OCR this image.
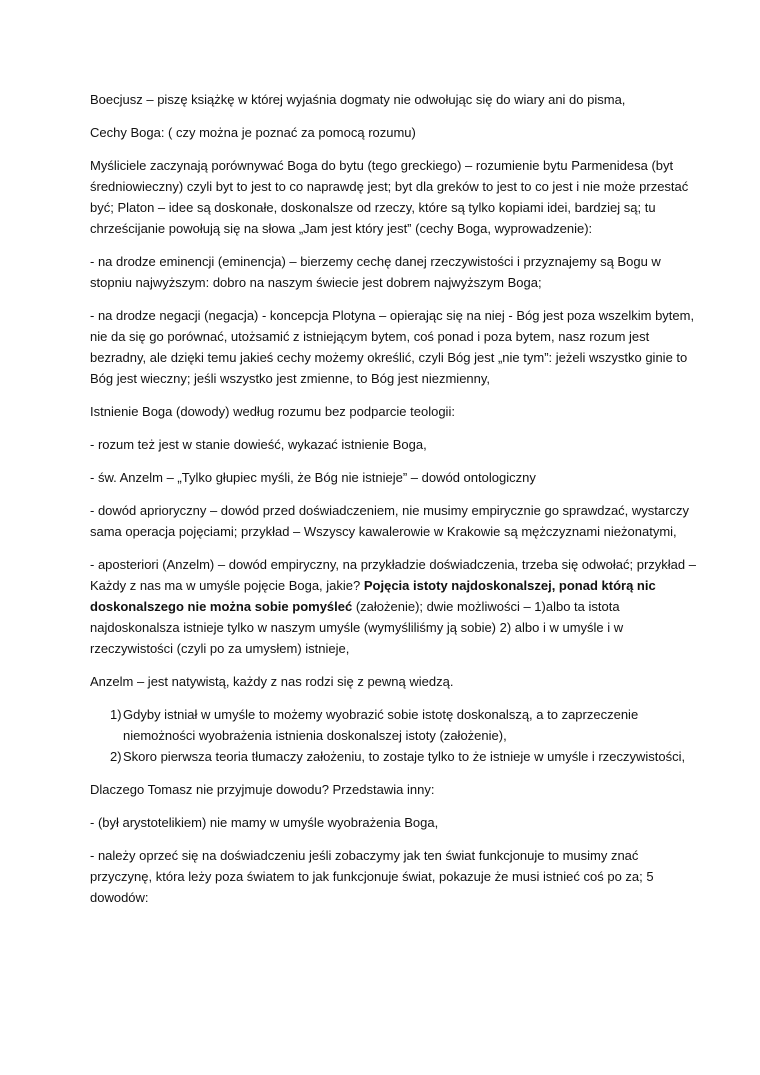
Boecjusz – piszę książkę w której wyjaśnia dogmaty nie odwołując się do wiary ani do pisma,

Cechy Boga: ( czy można je poznać za pomocą rozumu)

Myśliciele zaczynają porównywać Boga do bytu (tego greckiego) – rozumienie bytu Parmenidesa (byt średniowieczny) czyli byt to jest to co naprawdę jest; byt dla greków to jest to co jest i nie może przestać być; Platon – idee są doskonałe, doskonalsze od rzeczy, które są tylko kopiami idei, bardziej są; tu chrześcijanie powołują się na słowa „Jam jest który jest” (cechy Boga, wyprowadzenie):

- na drodze eminencji (eminencja) – bierzemy cechę danej rzeczywistości i przyznajemy są Bogu w stopniu najwyższym: dobro na naszym świecie jest dobrem najwyższym Boga;

- na drodze negacji (negacja) - koncepcja Plotyna – opierając się na niej - Bóg jest poza wszelkim bytem, nie da się go porównać, utożsamić z istniejącym bytem, coś ponad i poza bytem, nasz rozum jest bezradny, ale dzięki temu jakieś cechy możemy określić, czyli Bóg jest „nie tym”: jeżeli wszystko ginie to Bóg jest wieczny; jeśli wszystko jest zmienne, to Bóg jest niezmienny,

Istnienie Boga (dowody) według rozumu bez podparcie teologii:

- rozum też jest w stanie dowieść, wykazać istnienie Boga,

- św. Anzelm – „Tylko głupiec myśli, że Bóg nie istnieje” – dowód ontologiczny

- dowód aprioryczny – dowód przed doświadczeniem, nie musimy empirycznie go sprawdzać, wystarczy sama operacja pojęciami; przykład – Wszyscy kawalerowie w Krakowie są mężczyznami nieżonatymi,

- aposteriori (Anzelm) – dowód empiryczny, na przykładzie doświadczenia, trzeba się odwołać; przykład – Każdy z nas ma w umyśle pojęcie Boga, jakie? Pojęcia istoty najdoskonalszej, ponad którą nic doskonalszego nie można sobie pomyśleć (założenie); dwie możliwości – 1)albo ta istota najdoskonalsza istnieje tylko w naszym umyśle (wymyśliliśmy ją sobie) 2) albo i w umyśle i w rzeczywistości (czyli po za umysłem) istnieje,

Anzelm – jest natywistą, każdy z nas rodzi się z pewną wiedzą.

1) Gdyby istniał w umyśle to możemy wyobrazić sobie istotę doskonalszą, a to zaprzeczenie niemożności wyobrażenia istnienia doskonalszej istoty (założenie),
2) Skoro pierwsza teoria tłumaczy założeniu, to zostaje tylko to że istnieje w umyśle i rzeczywistości,

Dlaczego Tomasz nie przyjmuje dowodu? Przedstawia inny:

- (był arystotelikiem) nie mamy w umyśle wyobrażenia Boga,

- należy oprzeć się na doświadczeniu jeśli zobaczymy jak ten świat funkcjonuje to musimy znać przyczynę, która leży poza światem to jak funkcjonuje świat, pokazuje że musi istnieć coś po za; 5 dowodów:
